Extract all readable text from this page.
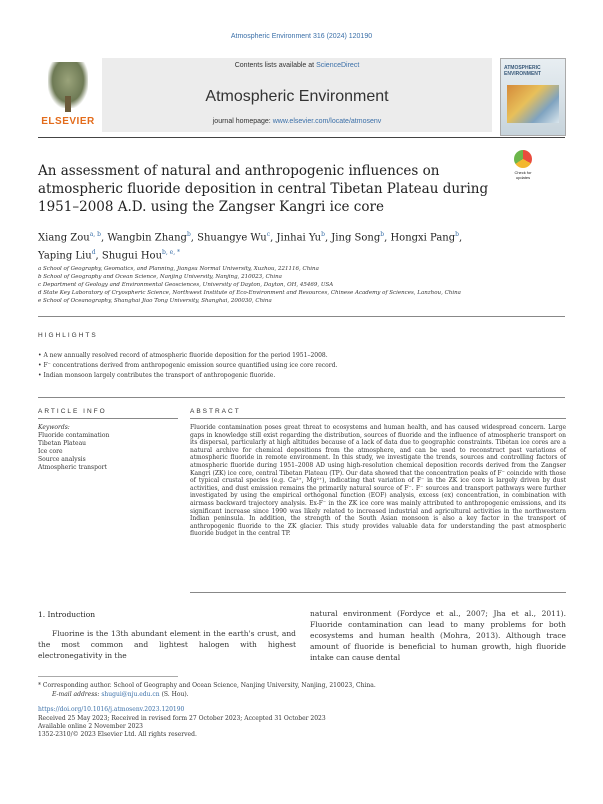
Atmospheric Environment 316 (2024) 120190
ELSEVIER
Contents lists available at ScienceDirect
Atmospheric Environment
journal homepage: www.elsevier.com/locate/atmosenv
ATMOSPHERIC ENVIRONMENT
An assessment of natural and anthropogenic influences on atmospheric fluoride deposition in central Tibetan Plateau during 1951–2008 A.D. using the Zangser Kangri ice core
Check for updates
Xiang Zou$^{a, b}$, Wangbin Zhang$^b$, Shuangye Wu$^c$, Jinhai Yu$^b$, Jing Song$^b$, Hongxi Pang$^b$,
Yaping Liu$^d$, Shugui Hou$^{b, e, *}$
a School of Geography, Geomatics, and Planning, Jiangsu Normal University, Xuzhou, 221116, China
b School of Geography and Ocean Science, Nanjing University, Nanjing, 210023, China
c Department of Geology and Environmental Geosciences, University of Dayton, Dayton, OH, 45469, USA
d State Key Laboratory of Cryospheric Science, Northwest Institute of Eco-Environment and Resources, Chinese Academy of Sciences, Lanzhou, China
e School of Oceanography, Shanghai Jiao Tong University, Shanghai, 200030, China
HIGHLIGHTS
• A new annually resolved record of atmospheric fluoride deposition for the period 1951–2008.
• F⁻ concentrations derived from anthropogenic emission source quantified using ice core record.
• Indian monsoon largely contributes the transport of anthropogenic fluoride.
ARTICLE INFO	ABSTRACT
Keywords:
Fluoride contamination
Tibetan Plateau
Ice core
Source analysis
Atmospheric transport
Fluoride contamination poses great threat to ecosystems and human health, and has caused widespread concern. Large gaps in knowledge still exist regarding the distribution, sources of fluoride and the influence of atmospheric transport on its dispersal, particularly at high altitudes because of a lack of data due to geographic constraints. Tibetan ice cores are a natural archive for chemical depositions from the atmosphere, and can be used to reconstruct past variations of atmospheric fluoride in remote environment. In this study, we investigate the trends, sources and controlling factors of atmospheric fluoride during 1951–2008 AD using high-resolution chemical deposition records derived from the Zangser Kangri (ZK) ice core, central Tibetan Plateau (TP). Our data showed that the concentration peaks of F⁻ coincide with those of typical crustal species (e.g. Ca²⁺, Mg²⁺), indicating that variation of F⁻ in the ZK ice core is largely driven by dust activities, and dust emission remains the primarily natural source of F⁻. F⁻ sources and transport pathways were further investigated by using the empirical orthogonal function (EOF) analysis, excess (ex) concentration, in combination with airmass backward trajectory analysis. Ex-F⁻ in the ZK ice core was mainly attributed to anthropogenic emissions, and its significant increase since 1990 was likely related to increased industrial and agricultural activities in the northwestern Indian peninsula. In addition, the strength of the South Asian monsoon is also a key factor in the transport of anthropogenic fluoride to the ZK glacier. This study provides valuable data for understanding the past atmospheric fluoride budget in the central TP.
1. Introduction
Fluorine is the 13th abundant element in the earth's crust, and the most common and lightest halogen with highest electronegativity in the
natural environment (Fordyce et al., 2007; Jha et al., 2011). Fluoride contamination can lead to many problems for both ecosystems and human health (Mohra, 2013). Although trace amount of fluoride is beneficial to human growth, high fluoride intake can cause dental
* Corresponding author. School of Geography and Ocean Science, Nanjing University, Nanjing, 210023, China.
E-mail address: shugui@nju.edu.cn (S. Hou).
https://doi.org/10.1016/j.atmosenv.2023.120190
Received 25 May 2023; Received in revised form 27 October 2023; Accepted 31 October 2023
Available online 2 November 2023
1352-2310/© 2023 Elsevier Ltd. All rights reserved.
